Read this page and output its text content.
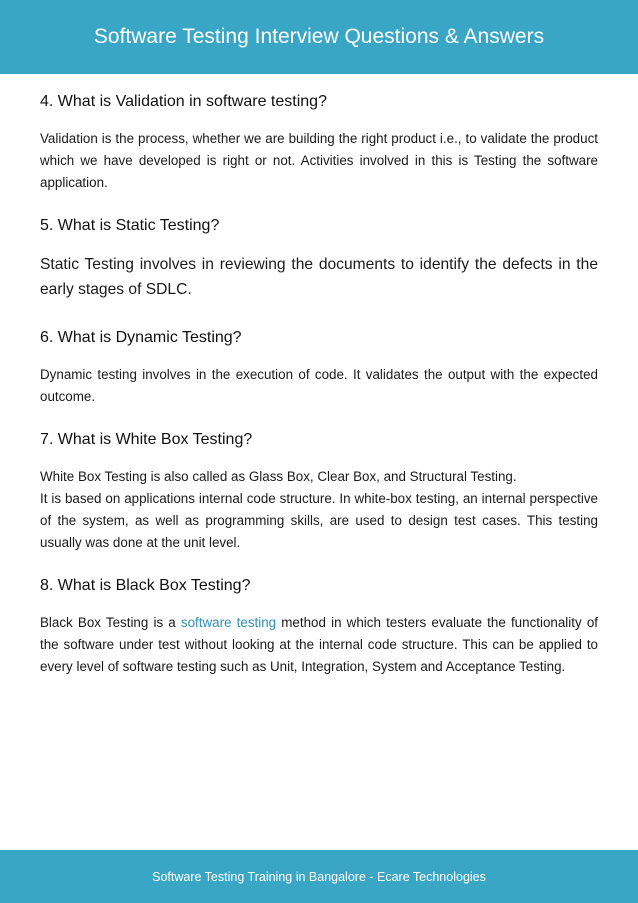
Software Testing Interview Questions & Answers
4. What is Validation in software testing?

Validation is the process, whether we are building the right product i.e., to validate the product which we have developed is right or not. Activities involved in this is Testing the software application.

5. What is Static Testing?

Static Testing involves in reviewing the documents to identify the defects in the early stages of SDLC.

6. What is Dynamic Testing?

Dynamic testing involves in the execution of code. It validates the output with the expected outcome.

7. What is White Box Testing?

White Box Testing is also called as Glass Box, Clear Box, and Structural Testing.
It is based on applications internal code structure. In white-box testing, an internal perspective of the system, as well as programming skills, are used to design test cases. This testing usually was done at the unit level.

8. What is Black Box Testing?

Black Box Testing is a software testing method in which testers evaluate the functionality of the software under test without looking at the internal code structure. This can be applied to every level of software testing such as Unit, Integration, System and Acceptance Testing.

Software Testing Training in Bangalore - Ecare Technologies
